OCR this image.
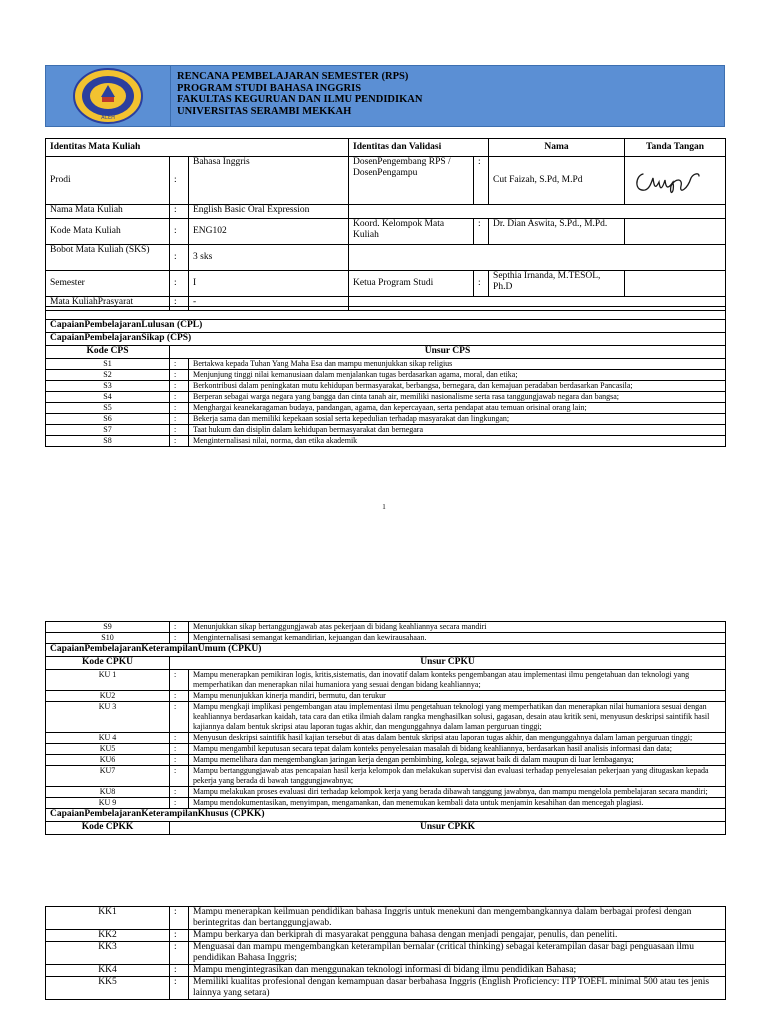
ACEH
RENCANA PEMBELAJARAN SEMESTER (RPS)
PROGRAM STUDI BAHASA INGGRIS
FAKULTAS KEGURUAN DAN ILMU PENDIDIKAN
UNIVERSITAS SERAMBI MEKKAH
Identitas Mata Kuliah			Identitas dan Validasi		Nama	Tanda Tangan
Prodi	:	Bahasa Inggris	DosenPengembang RPS / DosenPengampu	:	Cut Faizah, S.Pd, M.Pd	

Nama Mata Kuliah	:	English Basic Oral Expression				
Kode Mata Kuliah	:	ENG102	Koord. Kelompok Mata Kuliah	:	Dr. Dian Aswita, S.Pd., M.Pd.	
Bobot Mata Kuliah (SKS)	:	3 sks				
Semester	:	I	Ketua Program Studi	:	Septhia Irnanda, M.TESOL, Ph.D	
Mata KuliahPrasyarat	:	-				

CapaianPembelajaranLulusan (CPL)		
CapaianPembelajaranSikap (CPS)		
Kode CPS	Unsur CPS	
S1	:	Bertakwa kepada Tuhan Yang Maha Esa dan mampu menunjukkan sikap religius
S2	:	Menjunjung tinggi nilai kemanusiaan dalam menjalankan tugas berdasarkan agama, moral, dan etika;
S3	:	Berkontribusi dalam peningkatan mutu kehidupan bermasyarakat, berbangsa, bernegara, dan kemajuan peradaban berdasarkan Pancasila;
S4	:	Berperan sebagai warga negara yang bangga dan cinta tanah air, memiliki nasionalisme serta rasa tanggungjawab negara dan bangsa;
S5	:	Menghargai keanekaragaman budaya, pandangan, agama, dan kepercayaan, serta pendapat atau temuan orisinal orang lain;
S6	:	Bekerja sama dan memiliki kepekaan sosial serta kepedulian terhadap masyarakat dan lingkungan;
S7	:	Taat hukum dan disiplin dalam kehidupan bermasyarakat dan bernegara
S8	:	Menginternalisasi nilai, norma, dan etika akademik
1
S9	:	Menunjukkan sikap bertanggungjawab atas pekerjaan di bidang keahliannya secara mandiri
S10	:	Menginternalisasi semangat kemandirian, kejuangan dan kewirausahaan.
CapaianPembelajaranKeterampilanUmum (CPKU)		
Kode CPKU	Unsur CPKU	
KU 1	:	Mampu menerapkan pemikiran logis, kritis,sistematis, dan inovatif dalam konteks pengembangan atau implementasi ilmu pengetahuan dan teknologi yang memperhatikan dan menerapkan nilai humaniora yang sesuai dengan bidang keahliannya;
KU2	:	Mampu menunjukkan kinerja mandiri, bermutu, dan terukur
KU 3	:	Mampu mengkaji implikasi pengembangan atau implementasi ilmu pengetahuan teknologi yang memperhatikan dan menerapkan nilai humaniora sesuai dengan keahliannya berdasarkan kaidah, tata cara dan etika ilmiah dalam rangka menghasilkan solusi, gagasan, desain atau kritik seni, menyusun deskripsi saintifik hasil kajiannya dalam bentuk skripsi atau laporan tugas akhir, dan mengunggahnya dalam laman perguruan tinggi;
KU 4	:	Menyusun deskripsi saintifik hasil kajian tersebut di atas dalam bentuk skripsi atau laporan tugas akhir, dan mengunggahnya dalam laman perguruan tinggi;
KU5	:	Mampu mengambil keputusan secara tepat dalam konteks penyelesaian masalah di bidang keahliannya, berdasarkan hasil analisis informasi dan data;
KU6	:	Mampu memelihara dan mengembangkan jaringan kerja dengan pembimbing, kolega, sejawat baik di dalam maupun di luar lembaganya;
KU7	:	Mampu bertanggungjawab atas pencapaian hasil kerja kelompok dan melakukan supervisi dan evaluasi terhadap penyelesaian pekerjaan yang ditugaskan kepada pekerja yang berada di bawah tanggungjawabnya;
KU8	:	Mampu melakukan proses evaluasi diri terhadap kelompok kerja yang berada dibawah tanggung jawabnya, dan mampu mengelola pembelajaran secara mandiri;
KU 9	:	Mampu mendokumentasikan, menyimpan, mengamankan, dan menemukan kembali data untuk menjamin kesahihan dan mencegah plagiasi.
CapaianPembelajaranKeterampilanKhusus (CPKK)		
Kode CPKK	Unsur CPKK	
KK1	:	Mampu menerapkan keilmuan pendidikan bahasa Inggris untuk menekuni dan mengembangkannya dalam berbagai profesi dengan berintegritas dan bertanggungjawab.
KK2	:	Mampu berkarya dan berkiprah di masyarakat pengguna bahasa dengan menjadi pengajar, penulis, dan peneliti.
KK3	:	Menguasai dan mampu mengembangkan keterampilan bernalar (critical thinking) sebagai keterampilan dasar bagi penguasaan ilmu pendidikan Bahasa Inggris;
KK4	:	Mampu mengintegrasikan dan menggunakan teknologi informasi di bidang ilmu pendidikan Bahasa;
KK5	:	Memiliki kualitas profesional dengan kemampuan dasar berbahasa Inggris (English Proficiency: ITP TOEFL minimal 500 atau tes jenis lainnya yang setara)
